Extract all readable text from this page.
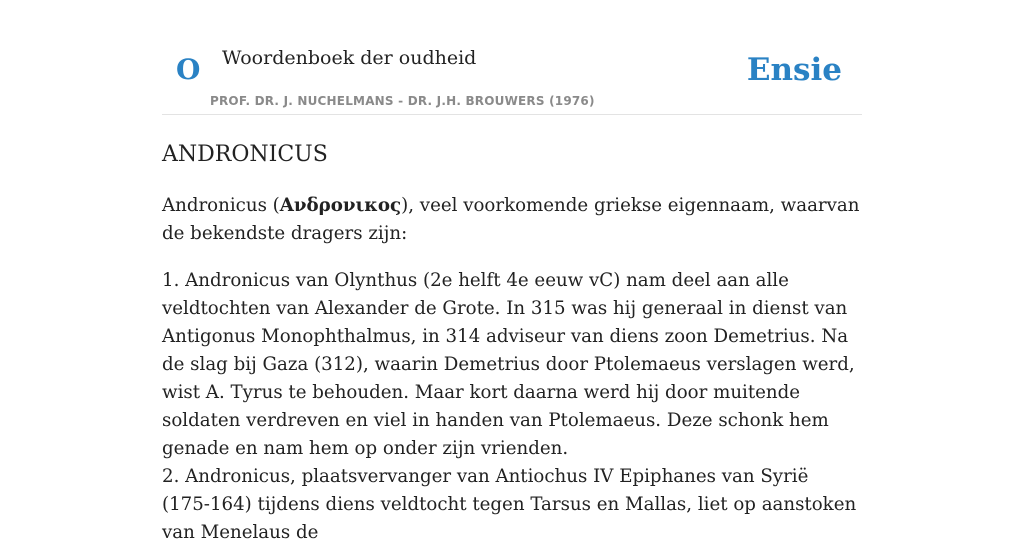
O Woordenboek der oudheid
PROF. DR. J. NUCHELMANS - DR. J.H. BROUWERS (1976)
Ensie
ANDRONICUS

Andronicus (Ανδρονικος), veel voorkomende griekse eigennaam, waarvan de bekendste dragers zijn:

1. Andronicus van Olynthus (2e helft 4e eeuw vC) nam deel aan alle veldtochten van Alexander de Grote. In 315 was hij generaal in dienst van Antigonus Monophthalmus, in 314 adviseur van diens zoon Demetrius. Na de slag bij Gaza (312), waarin Demetrius door Ptolemaeus verslagen werd, wist A. Tyrus te behouden. Maar kort daarna werd hij door muitende soldaten verdreven en viel in handen van Ptolemaeus. Deze schonk hem genade en nam hem op onder zijn vrienden.

2. Andronicus, plaatsvervanger van Antiochus IV Epiphanes van Syrië (175-164) tijdens diens veldtocht tegen Tarsus en Mallas, liet op aanstoken van Menelaus de
